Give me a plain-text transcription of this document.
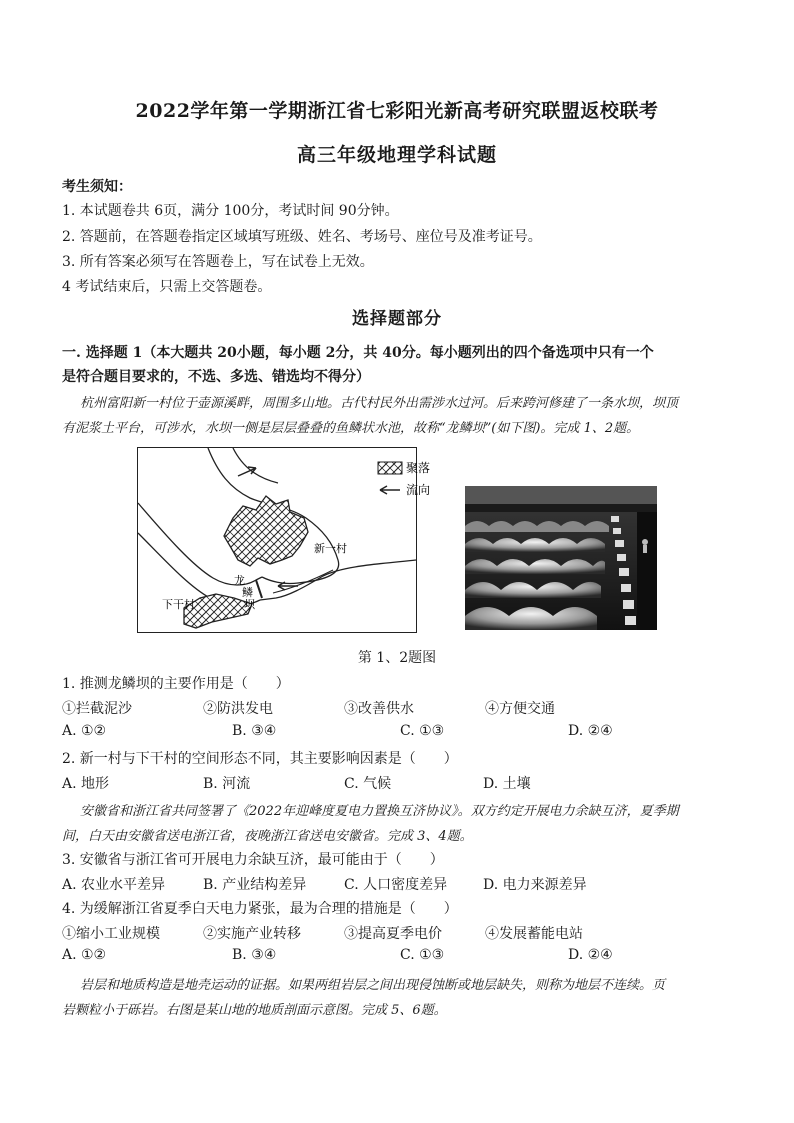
2022学年第一学期浙江省七彩阳光新高考研究联盟返校联考
高三年级地理学科试题
考生须知：
1. 本试题卷共 6页，满分 100分，考试时间 90分钟。
2. 答题前，在答题卷指定区域填写班级、姓名、考场号、座位号及准考证号。
3. 所有答案必须写在答题卷上，写在试卷上无效。
4 考试结束后，只需上交答题卷。
选择题部分
一. 选择题 1（本大题共 20小题，每小题 2分，共 40分。每小题列出的四个备选项中只有一个
是符合题目要求的，不选、多选、错选均不得分）
杭州富阳新一村位于壶源溪畔，周围多山地。古代村民外出需涉水过河。后来跨河修建了一条水坝，坝顶
有泥浆土平台，可涉水，水坝一侧是层层叠叠的鱼鳞状水池，故称“龙鳞坝”(如下图)。完成 1、2题。
聚落
流向
新一村
下干村
龙
鳞
坝
第 1、2题图
1. 推测龙鳞坝的主要作用是（　　）
①拦截泥沙	②防洪发电	③改善供水	④方便交通
A. ①②	B. ③④	C. ①③	D. ②④
2. 新一村与下干村的空间形态不同，其主要影响因素是（　　）
A. 地形	B. 河流	C. 气候	D. 土壤
安徽省和浙江省共同签署了《2022年迎峰度夏电力置换互济协议》。双方约定开展电力余缺互济，夏季期
间，白天由安徽省送电浙江省，夜晚浙江省送电安徽省。完成 3、4题。
3. 安徽省与浙江省可开展电力余缺互济，最可能由于（　　）
A. 农业水平差异	B. 产业结构差异	C. 人口密度差异	D. 电力来源差异
4. 为缓解浙江省夏季白天电力紧张，最为合理的措施是（　　）
①缩小工业规模	②实施产业转移	③提高夏季电价	④发展蓄能电站
A. ①②	B. ③④	C. ①③	D. ②④
岩层和地质构造是地壳运动的证据。如果两组岩层之间出现侵蚀断或地层缺失，则称为地层不连续。页
岩颗粒小于砾岩。右图是某山地的地质剖面示意图。完成 5、6题。
